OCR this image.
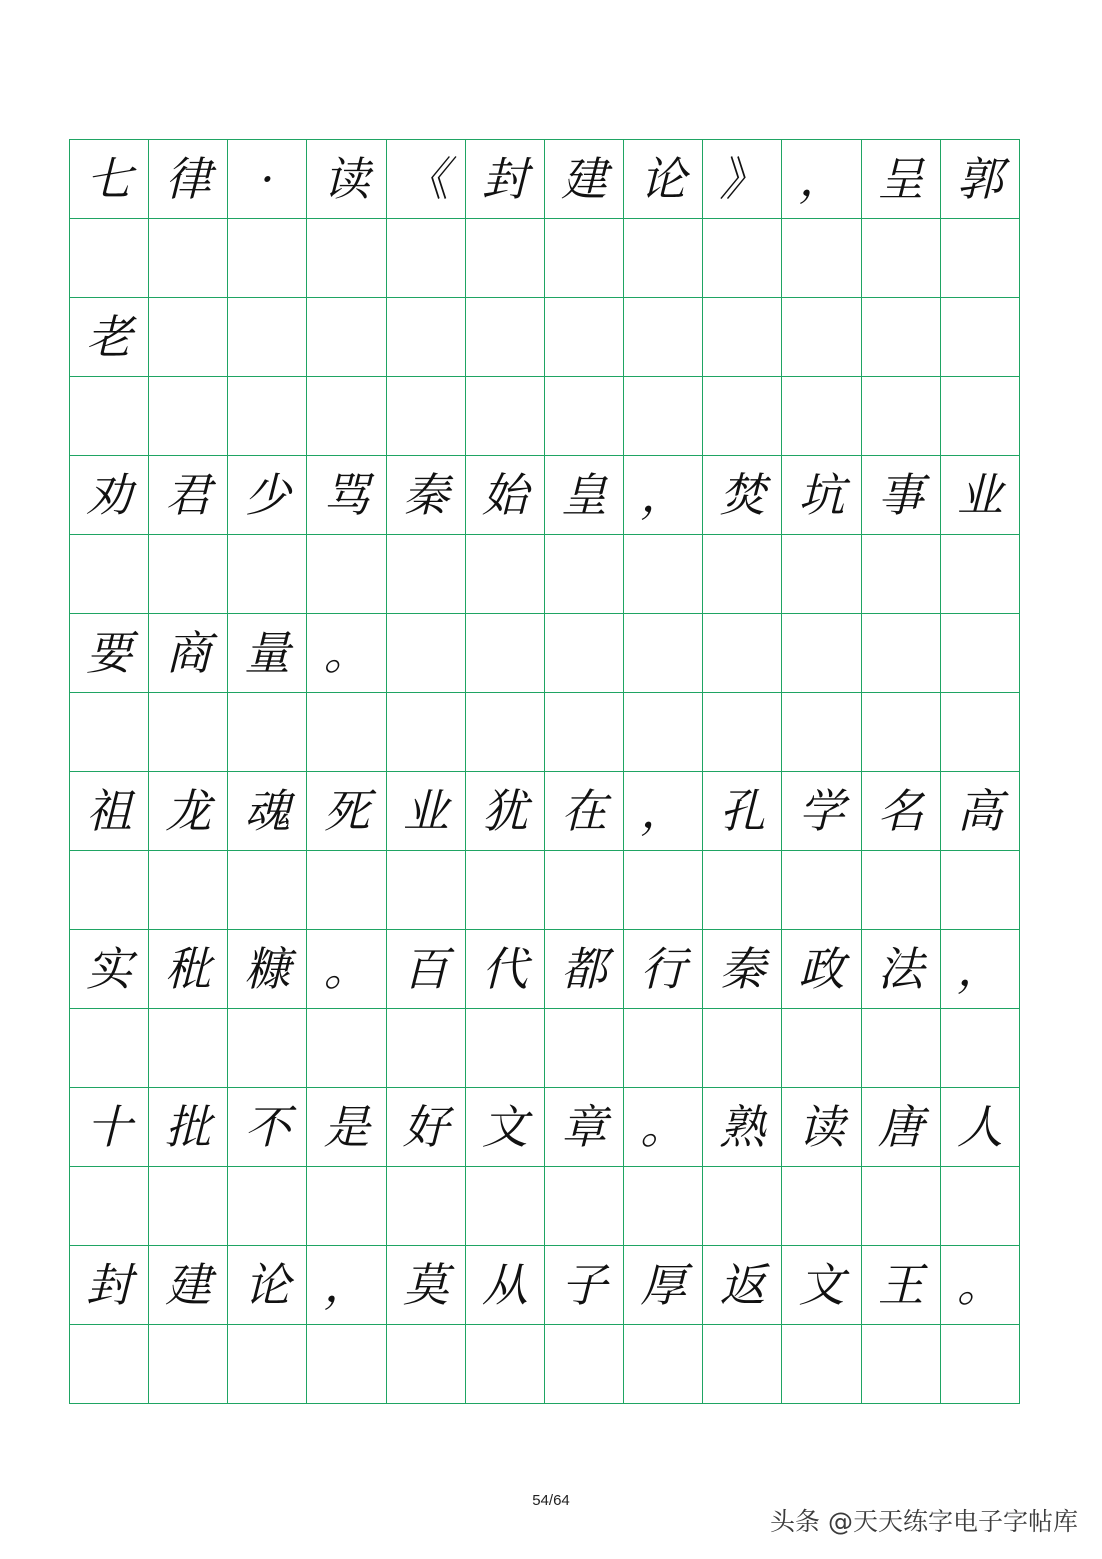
七 律	·	读 《 封 建 论 》 ， 呈 郭
老
劝 君 少 骂 秦 始 皇 ， 焚 坑 事 业
要 商 量 。
祖 龙 魂 死 业 犹 在 ， 孔 学 名 高
实 秕 糠 。 百 代 都 行 秦 政 法 ，
十 批 不 是 好 文 章 。 熟 读 唐 人
封 建 论 ， 莫 从 子 厚 返 文 王 。
54/64
头条 @天天练字电子字帖库
